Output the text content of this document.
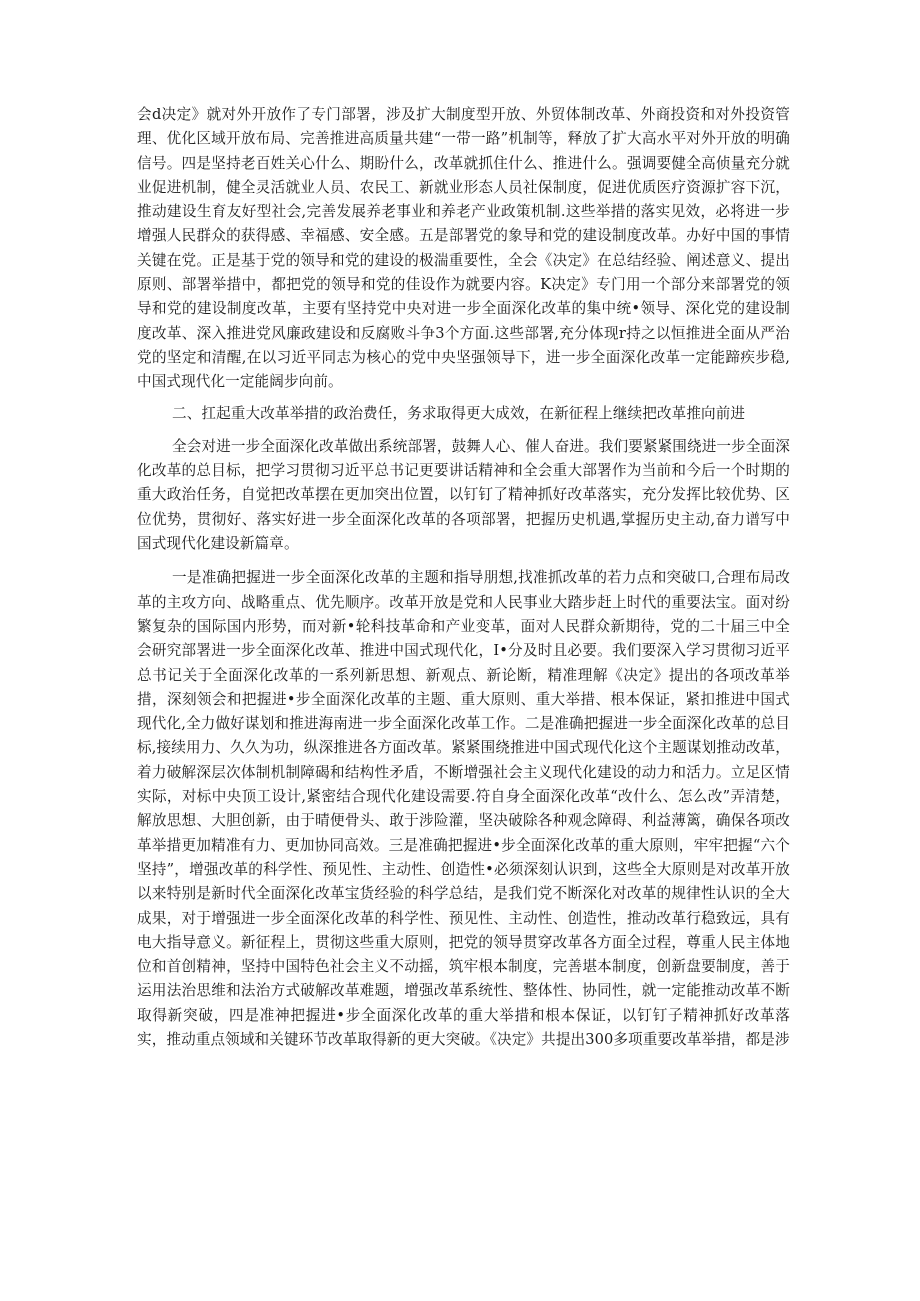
会d决定》就对外开放作了专门部署，涉及扩大制度型开放、外贸体制改革、外商投资和对外投资管理、优化区域开放布局、完善推进高质量共建“一带一路”机制等，释放了扩大高水平对外开放的明确信号。四是坚持老百姓关心什么、期盼什么，改革就抓住什么、推进什么。强调要健全高侦量充分就业促进机制，健全灵活就业人员、农民工、新就业形态人员社保制度，促进优质医疗资源扩容下沉，推动建设生育友好型社会,完善发展养老事业和养老产业政策机制.这些举措的落实见效，必将进一步增强人民群众的获得感、幸福感、安全感。五是部署党的象导和党的建设制度改革。办好中国的事情关键在党。正是基于党的领导和党的建设的极湍重要性，全会《决定》在总结经验、阐述意义、提出原则、部署举措中，都把党的领导和党的佳设作为就要内容。K决定》专门用一个部分来部署党的领导和党的建设制度改革，主要有坚持党中央对进一步全面深化改革的集中统•领导、深化党的建设制度改革、深入推进党风廉政建设和反腐败斗争3个方面.这些部署,充分体现r持之以恒推进全面从严治党的坚定和清醒,在以习近平同志为核心的党中央坚强领导下，进一步全面深化改革一定能蹄疾步稳,中国式现代化一定能阔步向前。

二、扛起重大改革举措的政治费任，务求取得更大成效，在新征程上继续把改革推向前进

全会对进一步全面深化改革做出系统部署，鼓舞人心、催人奋进。我们要紧紧围绕进一步全面深化改革的总目标，把学习贯彻习近平总书记更要讲话精神和全会重大部署作为当前和今后一个时期的重大政治任务，自觉把改革摆在更加突出位置，以钉钉了精神抓好改革落实，充分发挥比较优势、区位优势，贯彻好、落实好进一步全面深化改革的各项部署，把握历史机遇,掌握历史主动,奋力谱写中国式现代化建设新篇章。

一是准确把握进一步全面深化改革的主题和指导朋想,找准抓改革的若力点和突破口,合理布局改革的主攻方向、战略重点、优先顺序。改革开放是党和人民事业大踏步赶上时代的重要法宝。面对纷繁复杂的国际国内形势，而对新•轮科技革命和产业变革，面对人民群众新期待，党的二十届三中全会研究部署进一步全面深化改革、推进中国式现代化，I•分及时且必要。我们要深入学习贯彻习近平总书记关于全面深化改革的一系列新思想、新观点、新论断，精准理解《决定》提出的各项改革举措，深刻领会和把握进•步全面深化改革的主题、重大原则、重大举措、根本保证，紧扣推进中国式现代化,全力做好谋划和推进海南进一步全面深化改革工作。二是准确把握进一步全面深化改革的总目标,接续用力、久久为功，纵深推进各方面改革。紧紧围绕推进中国式现代化这个主题谋划推动改革，着力破解深层次体制机制障碣和结构性矛盾，不断增强社会主义现代化建设的动力和活力。立足区情实际，对标中央顶工设计,紧密结合现代化建设需要.符自身全面深化改革“改什么、怎么改”弄清楚，解放思想、大胆创新，由于晴便骨头、敢于涉险灌，坚决破除各种观念障碍、利益薄篱，确保各项改革举措更加精准有力、更加协同高效。三是准确把握进•步全面深化改革的重大原则，牢牢把握“六个坚持”，增强改革的科学性、预见性、主动性、创造性•必须深刻认识到，这些全大原则是对改革开放以来特别是新时代全面深化改革宝货经验的科学总结，是我们党不断深化对改革的规律性认识的全大成果，对于增强进一步全面深化改革的科学性、预见性、主动性、创造性，推动改革行稳致远，具有电大指导意义。新征程上，贯彻这些重大原则，把党的领导贯穿改革各方面全过程，尊重人民主体地位和首创精神，坚持中国特色社会主义不动摇，筑牢根本制度，完善堪本制度，创新盘要制度，善于运用法治思维和法治方式破解改革难题，增强改革系统性、整体性、协同性，就一定能推动改革不断取得新突破，四是准神把握进•步全面深化改革的重大举措和根本保证，以钉钉子精神抓好改革落实，推动重点领域和关键环节改革取得新的更大突破。《决定》共提出300多项重要改革举措，都是涉
